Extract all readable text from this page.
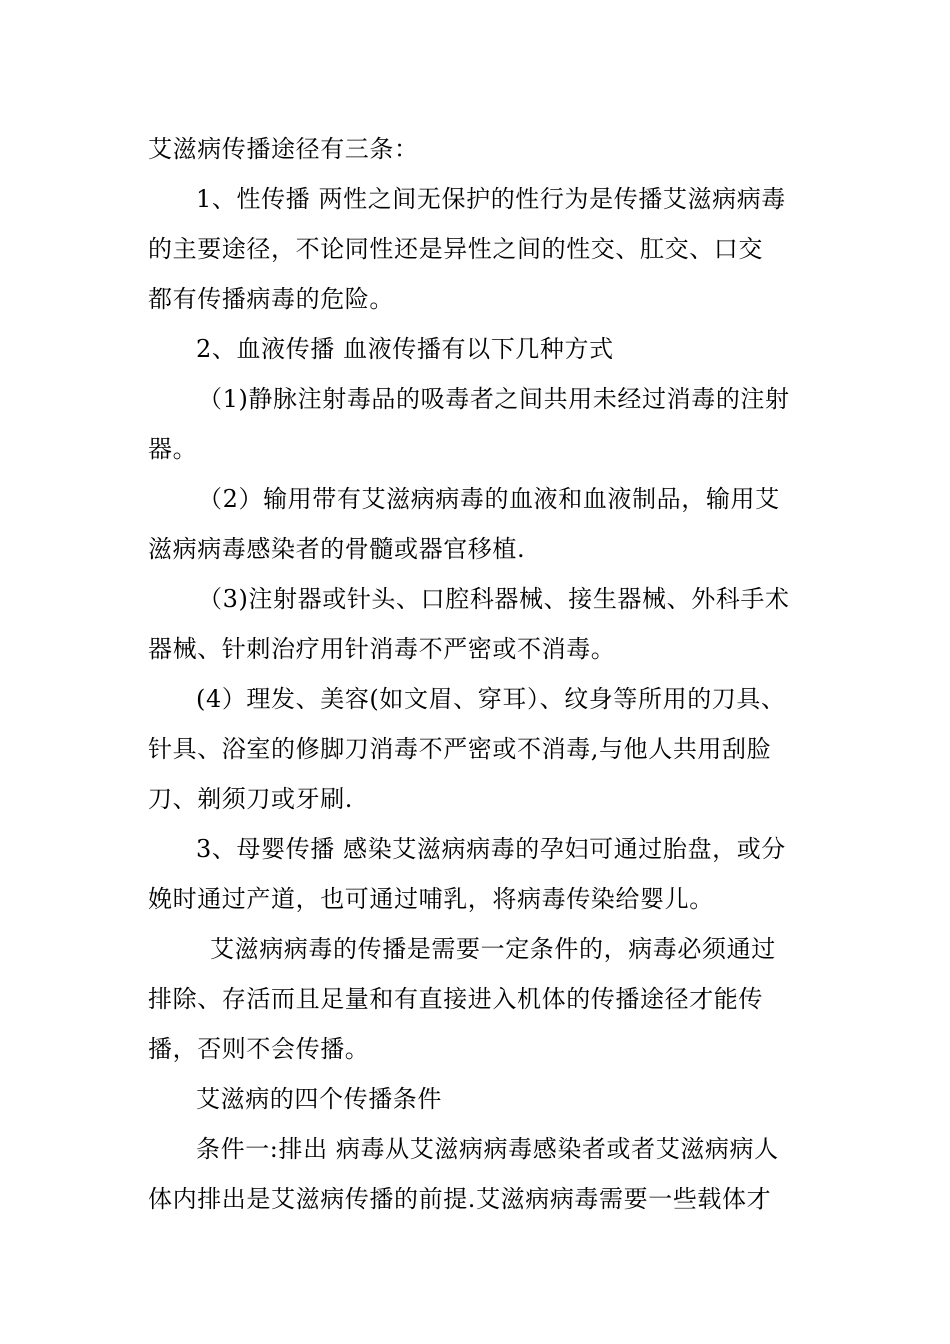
艾滋病传播途径有三条：
1、性传播 两性之间无保护的性行为是传播艾滋病病毒
的主要途径，不论同性还是异性之间的性交、肛交、口交
都有传播病毒的危险。
2、血液传播 血液传播有以下几种方式
（1)静脉注射毒品的吸毒者之间共用未经过消毒的注射
器。
（2）输用带有艾滋病病毒的血液和血液制品，输用艾
滋病病毒感染者的骨髓或器官移植.
（3)注射器或针头、口腔科器械、接生器械、外科手术
器械、针刺治疗用针消毒不严密或不消毒。
(4）理发、美容(如文眉、穿耳）、纹身等所用的刀具、
针具、浴室的修脚刀消毒不严密或不消毒,与他人共用刮脸
刀、剃须刀或牙刷.
3、母婴传播 感染艾滋病病毒的孕妇可通过胎盘，或分
娩时通过产道，也可通过哺乳，将病毒传染给婴儿。
艾滋病病毒的传播是需要一定条件的，病毒必须通过
排除、存活而且足量和有直接进入机体的传播途径才能传
播，否则不会传播。
艾滋病的四个传播条件
条件一:排出 病毒从艾滋病病毒感染者或者艾滋病病人
体内排出是艾滋病传播的前提.艾滋病病毒需要一些载体才
